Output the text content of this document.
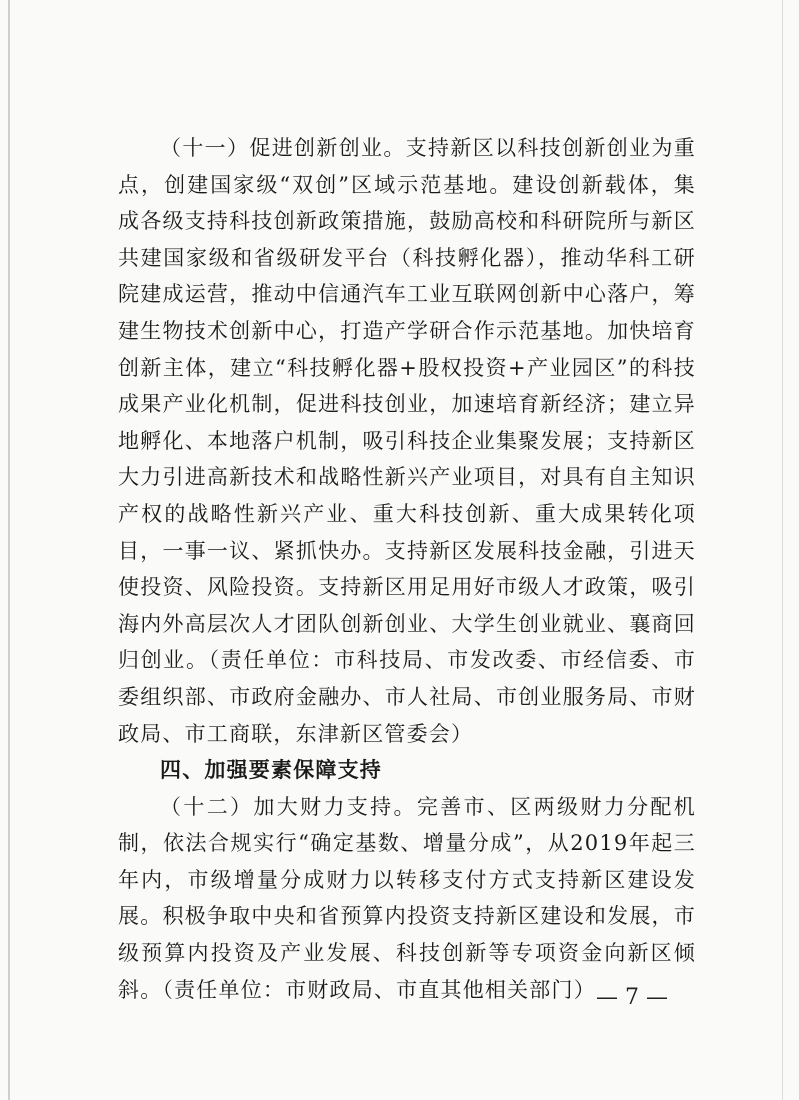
（十一）促进创新创业。支持新区以科技创新创业为重点，创建国家级“双创”区域示范基地。建设创新载体，集成各级支持科技创新政策措施，鼓励高校和科研院所与新区共建国家级和省级研发平台（科技孵化器），推动华科工研院建成运营，推动中信通汽车工业互联网创新中心落户，筹建生物技术创新中心，打造产学研合作示范基地。加快培育创新主体，建立“科技孵化器+股权投资+产业园区”的科技成果产业化机制，促进科技创业，加速培育新经济；建立异地孵化、本地落户机制，吸引科技企业集聚发展；支持新区大力引进高新技术和战略性新兴产业项目，对具有自主知识产权的战略性新兴产业、重大科技创新、重大成果转化项目，一事一议、紧抓快办。支持新区发展科技金融，引进天使投资、风险投资。支持新区用足用好市级人才政策，吸引海内外高层次人才团队创新创业、大学生创业就业、襄商回归创业。（责任单位：市科技局、市发改委、市经信委、市委组织部、市政府金融办、市人社局、市创业服务局、市财政局、市工商联，东津新区管委会）

四、加强要素保障支持

（十二）加大财力支持。完善市、区两级财力分配机制，依法合规实行“确定基数、增量分成”，从2019年起三年内，市级增量分成财力以转移支付方式支持新区建设发展。积极争取中央和省预算内投资支持新区建设和发展，市级预算内投资及产业发展、科技创新等专项资金向新区倾斜。（责任单位：市财政局、市直其他相关部门） — 7 —
